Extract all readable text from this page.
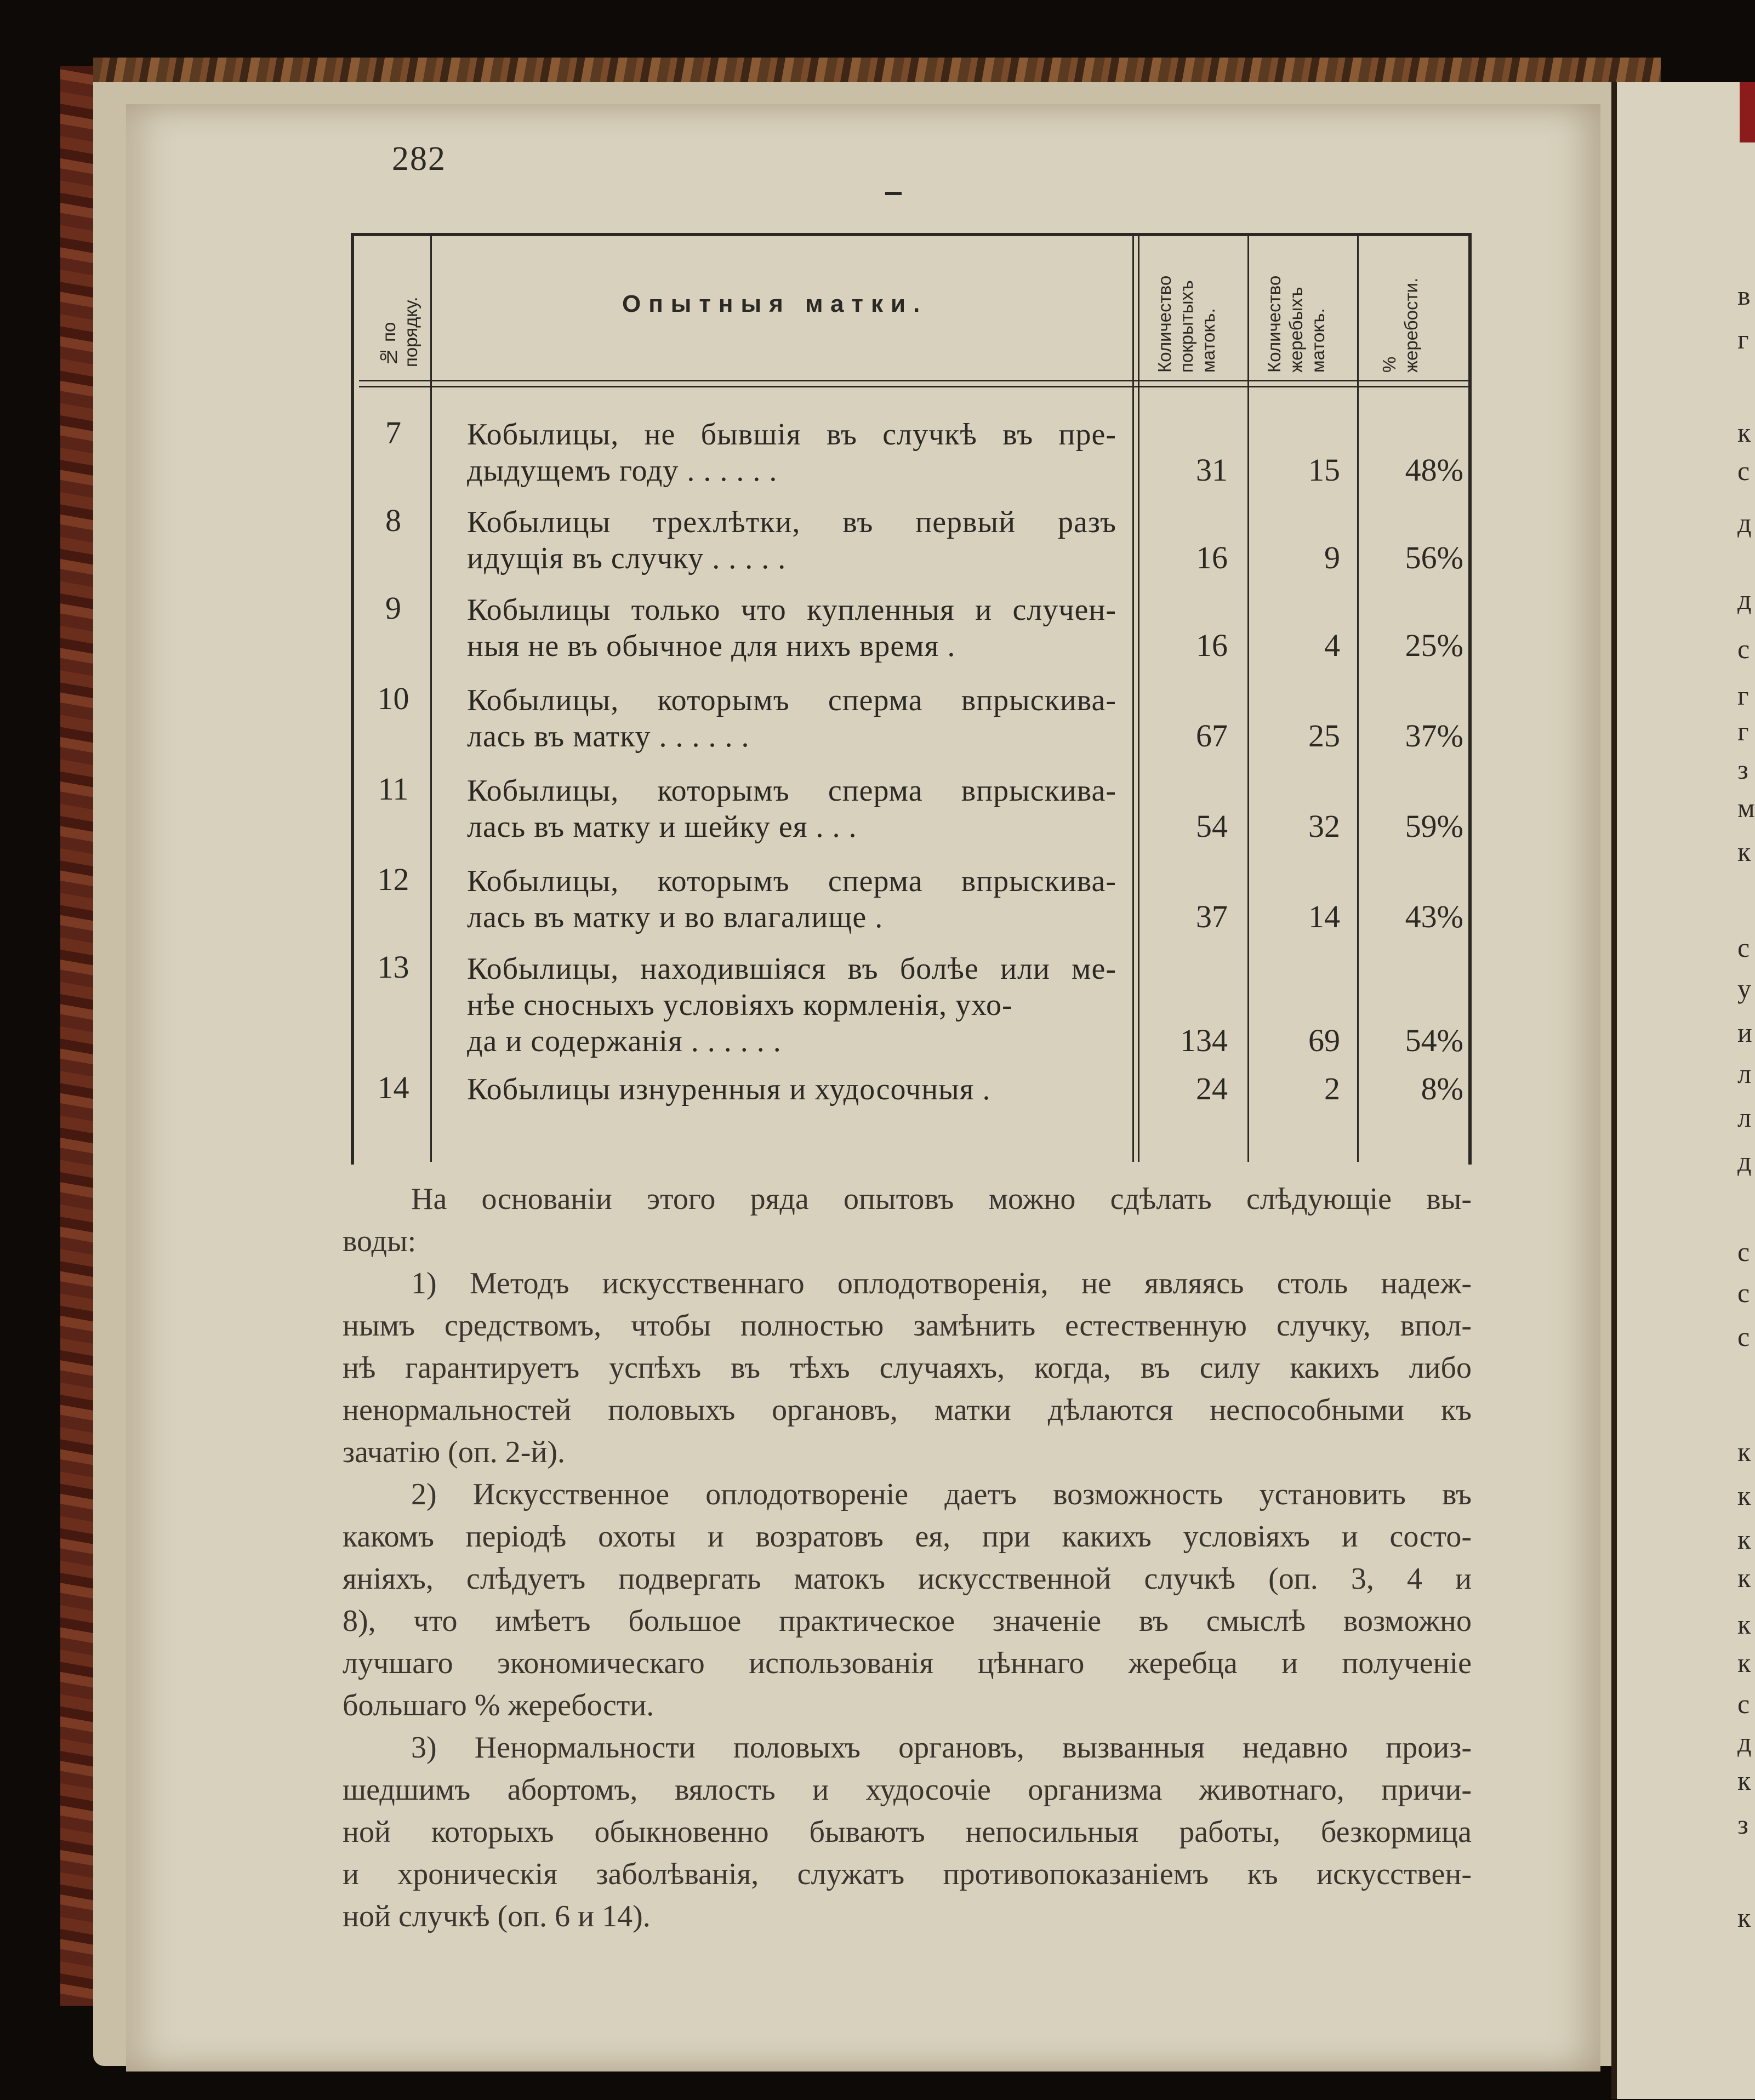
в
г
к
с
д
д
с
г
г
з
м
к
с
у
и
л
л
д
с
с
с
к
к
к
к
к
к
с
д
к
з
к
282
№ по порядку.	Опытныя матки.	Количество покрытыхъ матокъ.	Количество жеребыхъ матокъ.	% жеребости.
7	Кобылицы, не бывшія въ случкѣ въ пре-
дыдущемъ году . . . . . .	31	15	48%
8	Кобылицы трехлѣтки, въ первый разъ
идущія въ случку . . . . .	16	9	56%
9	Кобылицы только что купленныя и случен-
ныя не въ обычное для нихъ время .	16	4	25%
10	Кобылицы, которымъ сперма впрыскива-
лась въ матку . . . . . .	67	25	37%
11	Кобылицы, которымъ сперма впрыскива-
лась въ матку и шейку ея . . .	54	32	59%
12	Кобылицы, которымъ сперма впрыскива-
лась въ матку и во влагалище .	37	14	43%
13	Кобылицы, находившіяся въ болѣе или ме-
нѣе сносныхъ условіяхъ кормленія, ухо-
да и содержанія . . . . . .	134	69	54%
14	Кобылицы изнуренныя и худосочныя .	24	2	8%

На основаніи этого ряда опытовъ можно сдѣлать слѣдующіе вы-
воды:

1) Методъ искусственнаго оплодотворенія, не являясь столь надеж-
нымъ средствомъ, чтобы полностью замѣнить естественную случку, впол-
нѣ гарантируетъ успѣхъ въ тѣхъ случаяхъ, когда, въ силу какихъ либо
ненормальностей половыхъ органовъ, матки дѣлаются неспособными къ
зачатію (оп. 2-й).

2) Искусственное оплодотвореніе даетъ возможность установить въ
какомъ періодѣ охоты и возратовъ ея, при какихъ условіяхъ и состо-
яніяхъ, слѣдуетъ подвергать матокъ искусственной случкѣ (оп. 3, 4 и
8), что имѣетъ большое практическое значеніе въ смыслѣ возможно
лучшаго экономическаго использованія цѣннаго жеребца и полученіе
большаго % жеребости.

3) Ненормальности половыхъ органовъ, вызванныя недавно произ-
шедшимъ абортомъ, вялость и худосочіе организма животнаго, причи-
ной которыхъ обыкновенно бываютъ непосильныя работы, безкормица
и хроническія заболѣванія, служатъ противопоказаніемъ къ искусствен-
ной случкѣ (оп. 6 и 14).
